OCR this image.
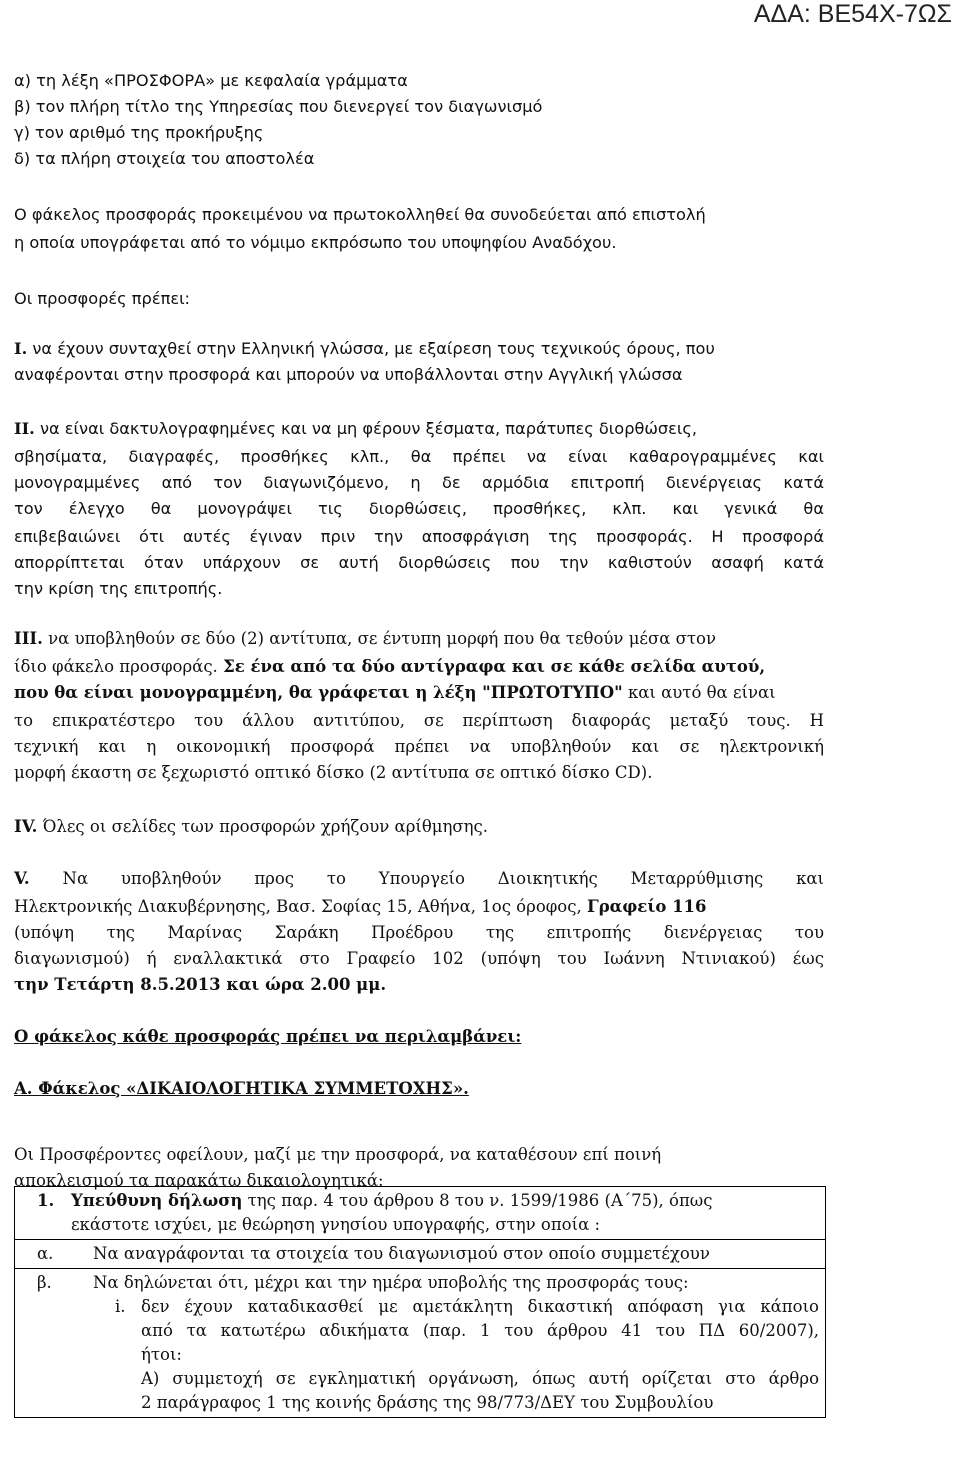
ΑΔΑ: ΒΕ54Χ-7ΩΣ
α) τη λέξη «ΠΡΟΣΦΟΡΑ» με κεφαλαία γράμματα
β) τον πλήρη τίτλο της Υπηρεσίας που διενεργεί τον διαγωνισμό
γ) τον αριθμό της προκήρυξης
δ) τα πλήρη στοιχεία του αποστολέα
Ο φάκελος προσφοράς προκειμένου να πρωτοκολληθεί θα συνοδεύεται από επιστολή
η οποία υπογράφεται από το νόμιμο εκπρόσωπο του υποψηφίου Αναδόχου.
Οι προσφορές πρέπει:
I. να έχουν συνταχθεί στην Ελληνική γλώσσα, με εξαίρεση τους τεχνικούς όρους, που
αναφέρονται στην προσφορά και μπορούν να υποβάλλονται στην Αγγλική γλώσσα
II. να είναι δακτυλογραφημένες και να μη φέρουν ξέσματα, παράτυπες διορθώσεις,
σβησίματα, διαγραφές, προσθήκες κλπ., θα πρέπει να είναι καθαρογραμμένες και
μονογραμμένες από τον διαγωνιζόμενο, η δε αρμόδια επιτροπή διενέργειας κατά
τον έλεγχο θα μονογράψει τις διορθώσεις, προσθήκες, κλπ. και γενικά θα
επιβεβαιώνει ότι αυτές έγιναν πριν την αποσφράγιση της προσφοράς. Η προσφορά
απορρίπτεται όταν υπάρχουν σε αυτή διορθώσεις που την καθιστούν ασαφή κατά
την κρίση της επιτροπής.
III. να υποβληθούν σε δύο (2) αντίτυπα, σε έντυπη μορφή που θα τεθούν μέσα στον
ίδιο φάκελο προσφοράς. Σε ένα από τα δύο αντίγραφα και σε κάθε σελίδα αυτού,
που θα είναι μονογραμμένη, θα γράφεται η λέξη "ΠΡΩΤΟΤΥΠΟ" και αυτό θα είναι
το επικρατέστερο του άλλου αντιτύπου, σε περίπτωση διαφοράς μεταξύ τους. Η
τεχνική και η οικονομική προσφορά πρέπει να υποβληθούν και σε ηλεκτρονική
μορφή έκαστη σε ξεχωριστό οπτικό δίσκο (2 αντίτυπα σε οπτικό δίσκο CD).
IV. Όλες οι σελίδες των προσφορών χρήζουν αρίθμησης.
V. Να υποβληθούν προς το Υπουργείο Διοικητικής Μεταρρύθμισης και
Ηλεκτρονικής Διακυβέρνησης, Βασ. Σοφίας 15, Αθήνα, 1ος όροφος, Γραφείο 116
(υπόψη της Μαρίνας Σαράκη Προέδρου της επιτροπής διενέργειας του
διαγωνισμού) ή εναλλακτικά στο Γραφείο 102 (υπόψη του Ιωάννη Ντινιακού) έως
την Τετάρτη 8.5.2013 και ώρα 2.00 μμ.
Ο φάκελος κάθε προσφοράς πρέπει να περιλαμβάνει:
Α. Φάκελος «ΔΙΚΑΙΟΛΟΓΗΤΙΚΑ ΣΥΜΜΕΤΟΧΗΣ».
Οι Προσφέροντες οφείλουν, μαζί με την προσφορά, να καταθέσουν επί ποινή
αποκλεισμού τα παρακάτω δικαιολογητικά:
1. Υπεύθυνη δήλωση της παρ. 4 του άρθρου 8 του ν. 1599/1986 (Α΄75), όπως
εκάστοτε ισχύει, με θεώρηση γνησίου υπογραφής, στην οποία :

α. Να αναγράφονται τα στοιχεία του διαγωνισμού στον οποίο συμμετέχουν
β. Να δηλώνεται ότι, μέχρι και την ημέρα υποβολής της προσφοράς τους:
i. δεν έχουν καταδικασθεί με αμετάκλητη δικαστική απόφαση για κάποιο
από τα κατωτέρω αδικήματα (παρ. 1 του άρθρου 41 του ΠΔ 60/2007),
ήτοι:
Α) συμμετοχή σε εγκληματική οργάνωση, όπως αυτή ορίζεται στο άρθρο
2 παράγραφος 1 της κοινής δράσης της 98/773/ΔΕΥ του Συμβουλίου
